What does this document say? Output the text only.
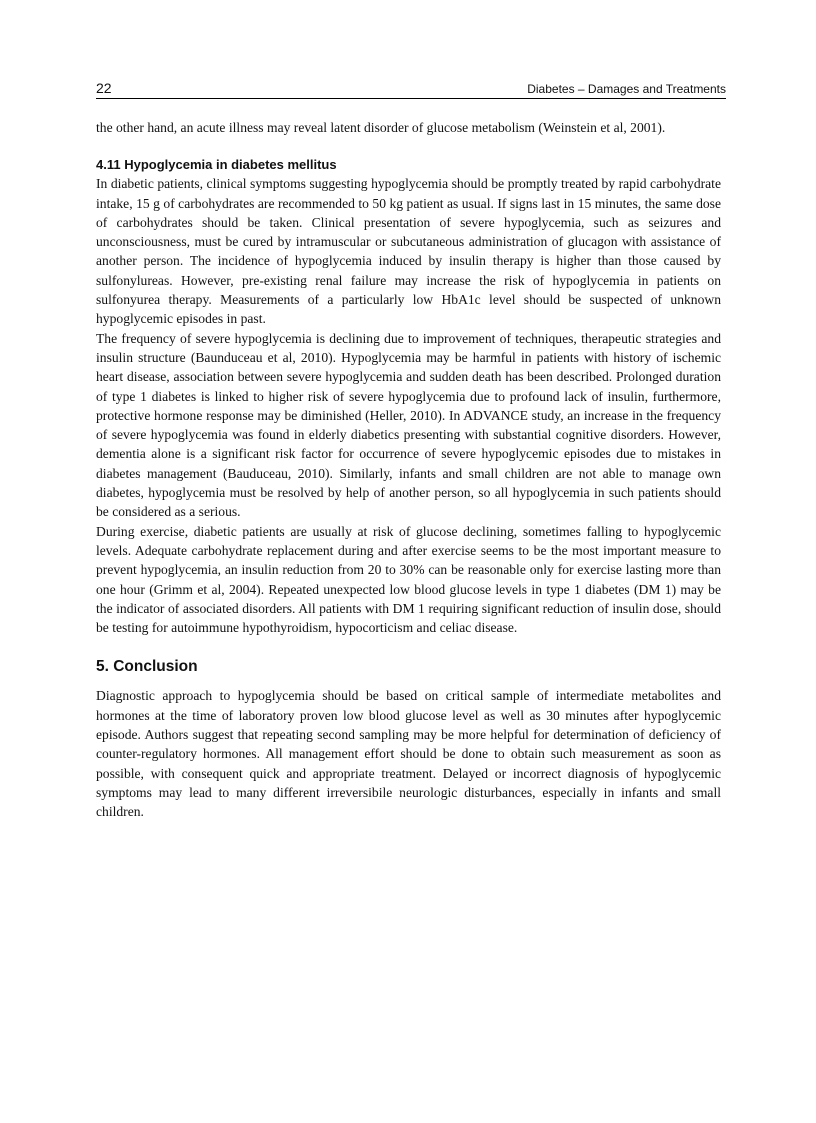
22	Diabetes – Damages and Treatments

the other hand, an acute illness may reveal latent disorder of glucose metabolism (Weinstein et al, 2001).

4.11 Hypoglycemia in diabetes mellitus

In diabetic patients, clinical symptoms suggesting hypoglycemia should be promptly treated by rapid carbohydrate intake, 15 g of carbohydrates are recommended to 50 kg patient as usual. If signs last in 15 minutes, the same dose of carbohydrates should be taken. Clinical presentation of severe hypoglycemia, such as seizures and unconsciousness, must be cured by intramuscular or subcutaneous administration of glucagon with assistance of another person. The incidence of hypoglycemia induced by insulin therapy is higher than those caused by sulfonylureas. However, pre-existing renal failure may increase the risk of hypoglycemia in patients on sulfonyurea therapy. Measurements of a particularly low HbA1c level should be suspected of unknown hypoglycemic episodes in past.

The frequency of severe hypoglycemia is declining due to improvement of techniques, therapeutic strategies and insulin structure (Baunduceau et al, 2010). Hypoglycemia may be harmful in patients with history of ischemic heart disease, association between severe hypoglycemia and sudden death has been described. Prolonged duration of type 1 diabetes is linked to higher risk of severe hypoglycemia due to profound lack of insulin, furthermore, protective hormone response may be diminished (Heller, 2010). In ADVANCE study, an increase in the frequency of severe hypoglycemia was found in elderly diabetics presenting with substantial cognitive disorders. However, dementia alone is a significant risk factor for occurrence of severe hypoglycemic episodes due to mistakes in diabetes management (Bauduceau, 2010). Similarly, infants and small children are not able to manage own diabetes, hypoglycemia must be resolved by help of another person, so all hypoglycemia in such patients should be considered as a serious.

During exercise, diabetic patients are usually at risk of glucose declining, sometimes falling to hypoglycemic levels. Adequate carbohydrate replacement during and after exercise seems to be the most important measure to prevent hypoglycemia, an insulin reduction from 20 to 30% can be reasonable only for exercise lasting more than one hour (Grimm et al, 2004). Repeated unexpected low blood glucose levels in type 1 diabetes (DM 1) may be the indicator of associated disorders. All patients with DM 1 requiring significant reduction of insulin dose, should be testing for autoimmune hypothyroidism, hypocorticism and celiac disease.

5. Conclusion

Diagnostic approach to hypoglycemia should be based on critical sample of intermediate metabolites and hormones at the time of laboratory proven low blood glucose level as well as 30 minutes after hypoglycemic episode. Authors suggest that repeating second sampling may be more helpful for determination of deficiency of counter-regulatory hormones. All management effort should be done to obtain such measurement as soon as possible, with consequent quick and appropriate treatment. Delayed or incorrect diagnosis of hypoglycemic symptoms may lead to many different irreversibile neurologic disturbances, especially in infants and small children.
